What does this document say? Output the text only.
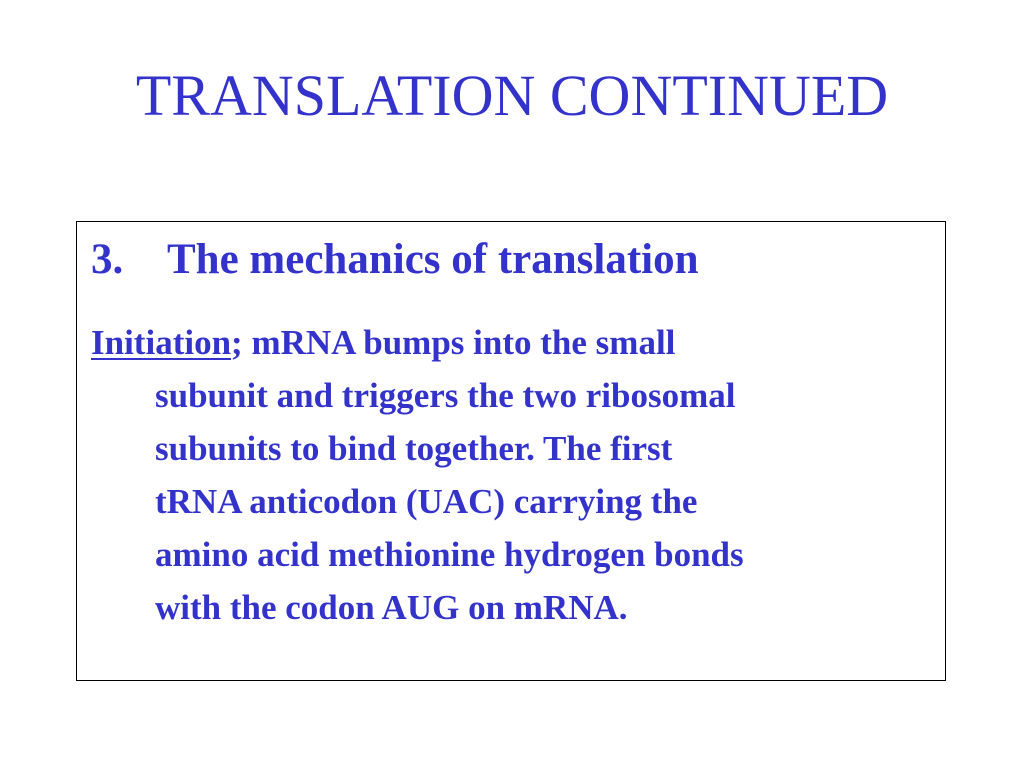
TRANSLATION CONTINUED
3. The mechanics of translation
Initiation; mRNA bumps into the small
subunit and triggers the two ribosomal
subunits to bind together. The first
tRNA anticodon (UAC) carrying the
amino acid methionine hydrogen bonds
with the codon AUG on mRNA.
